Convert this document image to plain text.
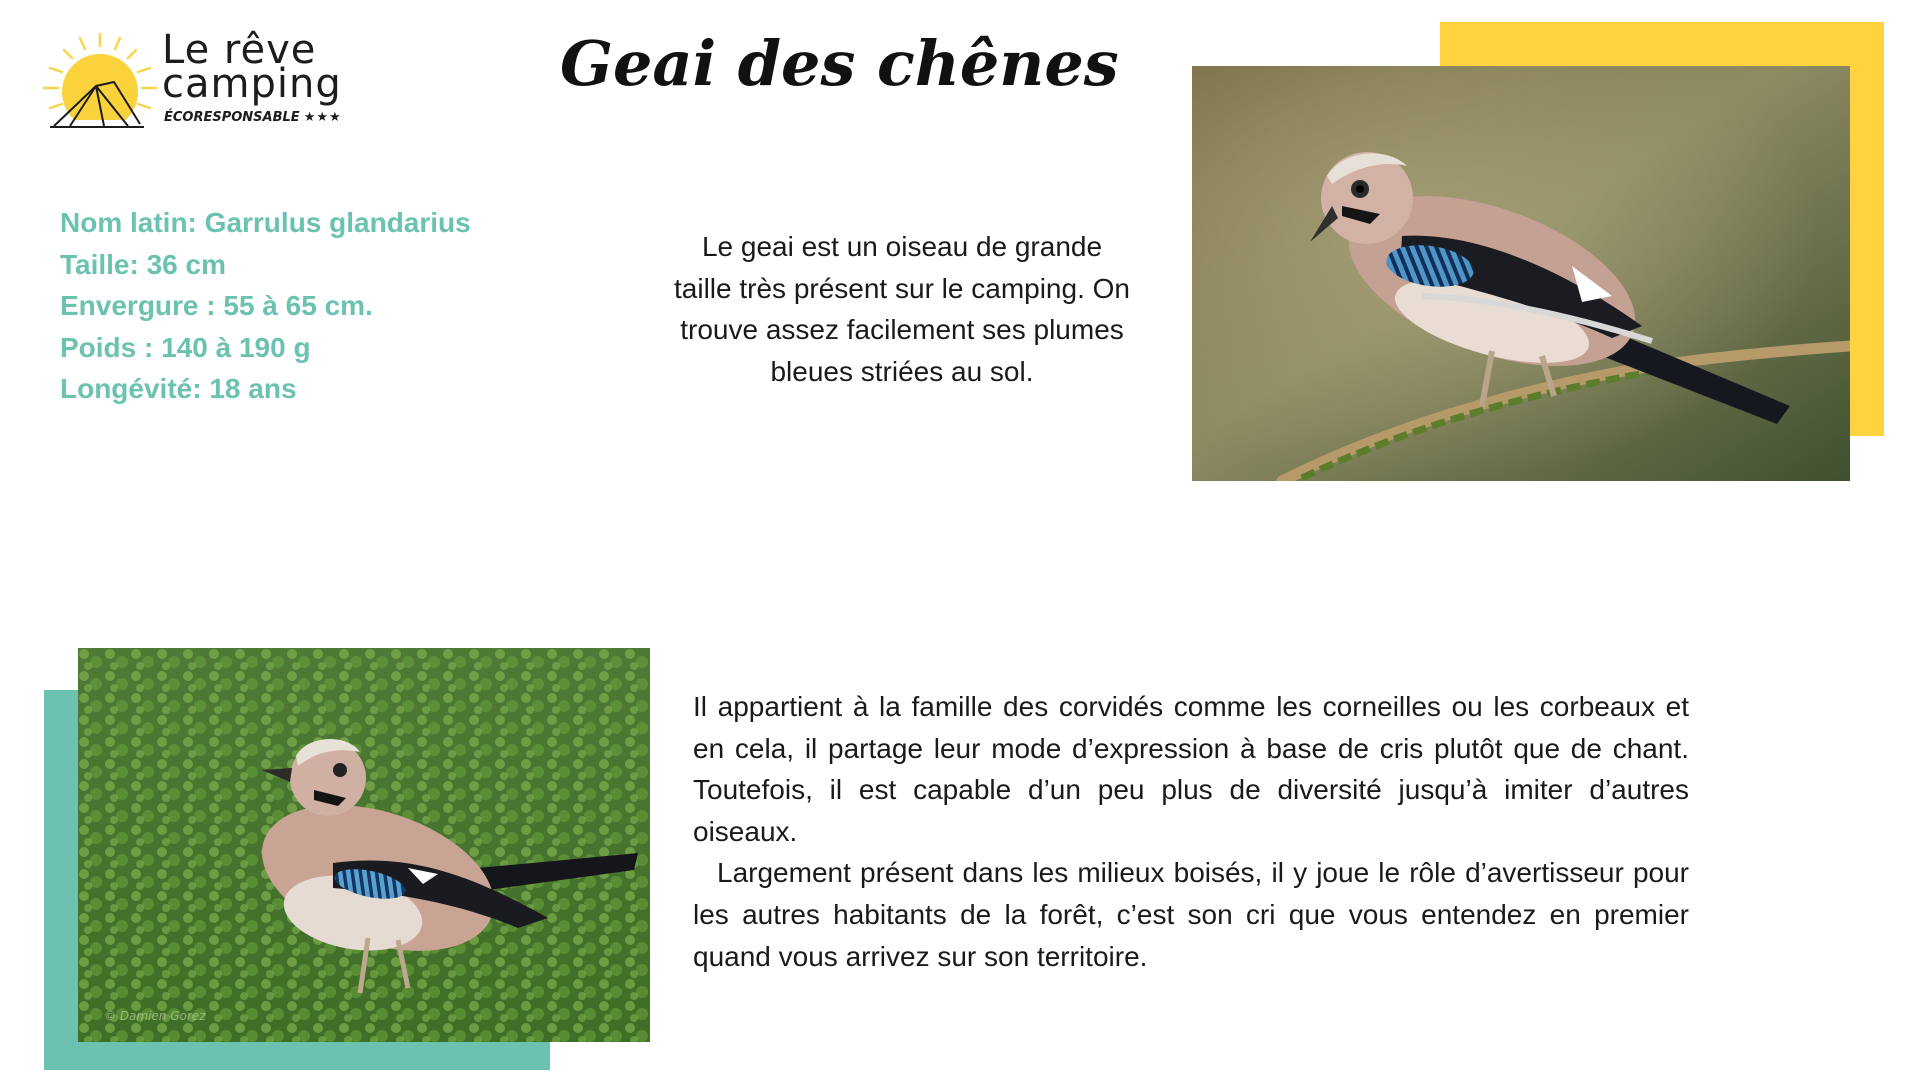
Le rêve
camping
ÉCORESPONSABLE ★★★
Geai des chênes
Nom latin: Garrulus glandarius
Taille: 36 cm
Envergure : 55 à 65 cm.
Poids : 140 à 190 g
Longévité: 18 ans
Le geai est un oiseau de grande taille très présent sur le camping. On trouve assez facilement ses plumes bleues striées au sol.
© Damien Gorez

Il appartient à la famille des corvidés comme les corneilles ou les corbeaux et en cela, il partage leur mode d’expression à base de cris plutôt que de chant. Toutefois, il est capable d’un peu plus de diversité jusqu’à imiter d’autres oiseaux.

Largement présent dans les milieux boisés, il y joue le rôle d’avertisseur pour les autres habitants de la forêt, c’est son cri que vous entendez en premier quand vous arrivez sur son territoire.
